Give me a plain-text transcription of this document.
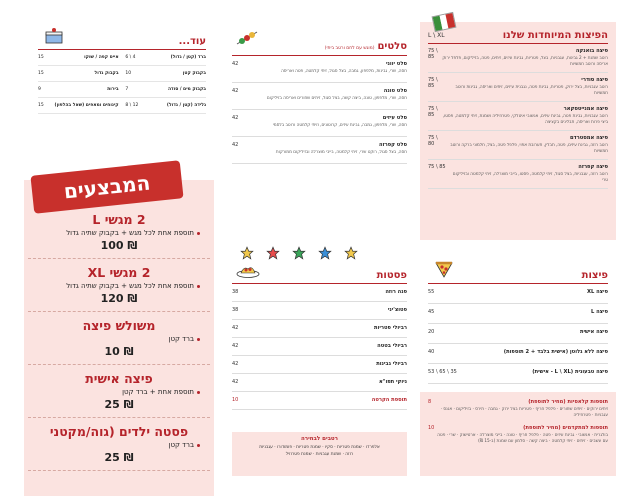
הפיצות המיוחדות שלנו
L \ XL
פיצה בואנקה
רוטב שמנת + 2 גבינות, עגבניות, בצל, פטריות, גבינת עיזים, זיתים, פטה, בזיליקום, פלפל ירוק אריסה ורוטב חמוציות
75 \ 85
פיצה סודרי
רוטב עגבניות, בצל ירוק, פטריות, גבינת פטה, נגבנית עיזים, זיתים ואריסה, גבינות ורוטב חמוציות
75 \ 85
פיצה אמנייטסקאר
רוטב עגבניות, גבינת פטה, גבינת עיזים, אנשובי איטלקי, פטרוזיליה ושמנת, זיתי קלמטה, פסטו, ביצי פרות ואריסה, תבלינים בקציצה
75 \ 85
פיצה אמסטרדם
רוטב רוזה, גבינת עיזים, פטה, תבלין, תערובת אפוי, פלפל פטה, בצל, חלמוני ברקה ורוטב חמוציות
75 \ 80
פיצה קפרזה
רוטב רוזה, עגבניות, בצל סגול, זיתי קלמטה, פסטו, בייבי מוצרלה, זיתי קלמטה ובזיליקום טרי
75 \ 85
סלטים(מוגש עם לחם ורטב ביתי)
סלט יווני
חסה, שרי, גבינות, מלפפון, גמבה, בצל סגול, זיתי קלמטה, פטה ואריסה
42
סלט טונה
חסה, שרי, מלפפון, טונה, ביצה קשה, בצל סגול, זיתים שחורים ואריסה בזיליקום
42
סלט עיזים
חסה, שרי, מלפפון, גמבה, גבינת עיזים, קרוטונים, וזיתי קלמטה ורוטב בלסמי
42
סלט קפרזה
חסה, בצל סגול, רוקט שרי, זיתי קלמטה, בייבי מוצרלה ובזיליקום ממורקות
42
עוד...
ברד (קטן / גדול)
6 \ 4
אייס קפה / שוקו
15
בקבוק קטן
10
בקבוק גדול
15
בקבוק מים / סודה
7
בירות
9
גלידה (קטן / גדול)
8 \ 12
קינוחים ומאפים (שאל בהלפון)
15
המבצעים
2 מגשי L
תוספת אחת לכל מגש + בקבוק שתיה גדול
100 ₪
2 מגשי XL
תוספת אחת לכל מגש + בקבוק שתיה גדול
120 ₪
משולש פיצה
ברד קטן
10 ₪
פיצה אישית
תוספת אחת + ברד קטן
25 ₪
פסטה ילדים (גוה/מקטני
ברד קטן
25 ₪
פסטות
פנה רוזה
38
פטוצ'יני
38
רביולי פטריות
42
רביולי בטטה
42
רביולי גבינות
42
ניוקי תפו"א
42
תוספת הקרטה
10
רטבים לבחירה
אלפרדו · שמנת פטריות · סקיו · שמנת פטריות · פומודורו · עגבניות
רוזה · שמנת עגבניות · שמנת פטרוזיל
פיצות
פיצה XL
55
פיצה L
45
פיצה אישית
20
פיצה ללא גלוטן (אישית בלבד + 2 תוספות)
40
פיצה טבעונית (L \ XL - אישית)
53 \ 65 \ 35
תוספות קלאסיות (מחיר לתוספת)
זיתים ירוקים · זיתים שחורים · פלפל חריף · פטריות בצל ירוק · גמבה · תירס · בזיליקום · אננס · עגבניות · פטרוזיליה
8
תוספות למתקדמים (מחיר לתוספת)
בולגרית · אנשובי · גבינת עיזים · פטה · פלפל חריף · טונה · בייבי מוצרלה · ארטישוק · שרי · פטה עם עשבים · זיתים · זיתי קלמטה · ביצה קשה · סלמון עם שמנת (ב-15 ₪)
10
